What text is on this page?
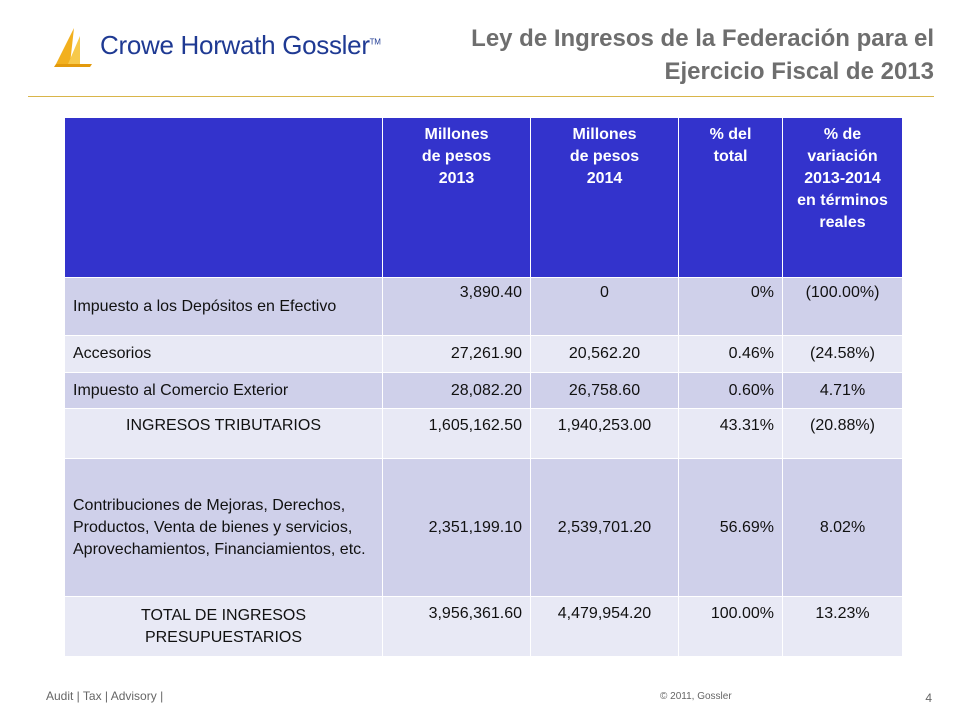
Crowe Horwath Gossler™	Ley de Ingresos de la Federación para el
Ejercicio Fiscal de 2013
	Millones de pesos 2013	Millones de pesos 2014	% del total	% de variación 2013-2014 en términos reales
Impuesto a los Depósitos en Efectivo	3,890.40	0	0%	(100.00%)
Accesorios	27,261.90	20,562.20	0.46%	(24.58%)
Impuesto al Comercio Exterior	28,082.20	26,758.60	0.60%	4.71%
INGRESOS TRIBUTARIOS	1,605,162.50	1,940,253.00	43.31%	(20.88%)
Contribuciones de Mejoras, Derechos, Productos, Venta de bienes y servicios, Aprovechamientos, Financiamientos, etc.	2,351,199.10	2,539,701.20	56.69%	8.02%
TOTAL DE INGRESOS PRESUPUESTARIOS	3,956,361.60	4,479,954.20	100.00%	13.23%
Audit | Tax | Advisory |	© 2011, Gossler	4
